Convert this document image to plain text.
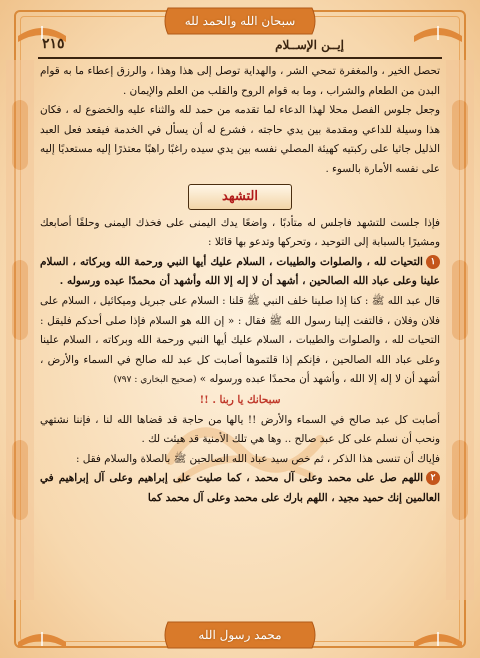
سبحان الله والحمد لله
إيــن الإســلام
٢١٥

تحصل الخير ، والمغفرة تمحي الشر ، والهداية توصل إلى هذا وهذا ، والرزق إعطاء ما به قوام البدن من الطعام والشراب ، وما به قوام الروح والقلب من العلم والإيمان .

وجعل جلوس الفصل محلا لهذا الدعاء لما تقدمه من حمد لله والثناء عليه والخضوع له ، فكان هذا وسيلة للداعي ومقدمة بين يدي حاجته ، فشرع له أن يسأل في الخدمة فيقعد فعل العبد الذليل جاثيا على ركبتيه كهيئة المصلي نفسه بين يدي سيده راغبًا راهبًا معتذرًا إليه مستعديًا إليه على نفسه الأمارة بالسوء .

التشهد

فإذا جلست للتشهد فاجلس له متأدبًا ، واضعًا يدك اليمنى على فخذك اليمنى وحلقًا أصابعك ومشيرًا بالسبابة إلى التوحيد ، وتحركها وتدعو بها قائلا :

١التحيات لله ، والصلوات والطيبات ، السلام عليك أيها النبي ورحمة الله وبركاته ، السلام علينا وعلى عباد الله الصالحين ، أشهد أن لا إله إلا الله وأشهد أن محمدًا عبده ورسوله .

قال عبد الله ﷺ : كنا إذا صلينا خلف النبي ﷺ قلنا : السلام على جبريل وميكائيل ، السلام على فلان وفلان ، فالتفت إلينا رسول الله ﷺ فقال : « إن الله هو السلام فإذا صلى أحدكم فليقل : التحيات لله ، والصلوات والطيبات ، السلام عليك أيها النبي ورحمة الله وبركاته ، السلام علينا وعلى عباد الله الصالحين ، فإنكم إذا قلتموها أصابت كل عبد لله صالح في السماء والأرض ، أشهد أن لا إله إلا الله ، وأشهد أن محمدًا عبده ورسوله » (صحيح البخاري : ٧٩٧)

سبحانك يا ربنا . !!

أصابت كل عبد صالح في السماء والأرض !! يالها من حاجة قد قضاها الله لنا ، فإننا نشتهي ونحب أن نسلم على كل عبد صالح .. وها هي تلك الأمنية قد هيئت لك .

فإياك أن تنسى هذا الذكر ، ثم خص سيد عباد الله الصالحين ﷺ بالصلاة والسلام فقل :

٢اللهم صل على محمد وعلى آل محمد ، كما صليت على إبراهيم وعلى آل إبراهيم في العالمين إنك حميد مجيد ، اللهم بارك على محمد وعلى آل محمد كما

محمد رسول الله
